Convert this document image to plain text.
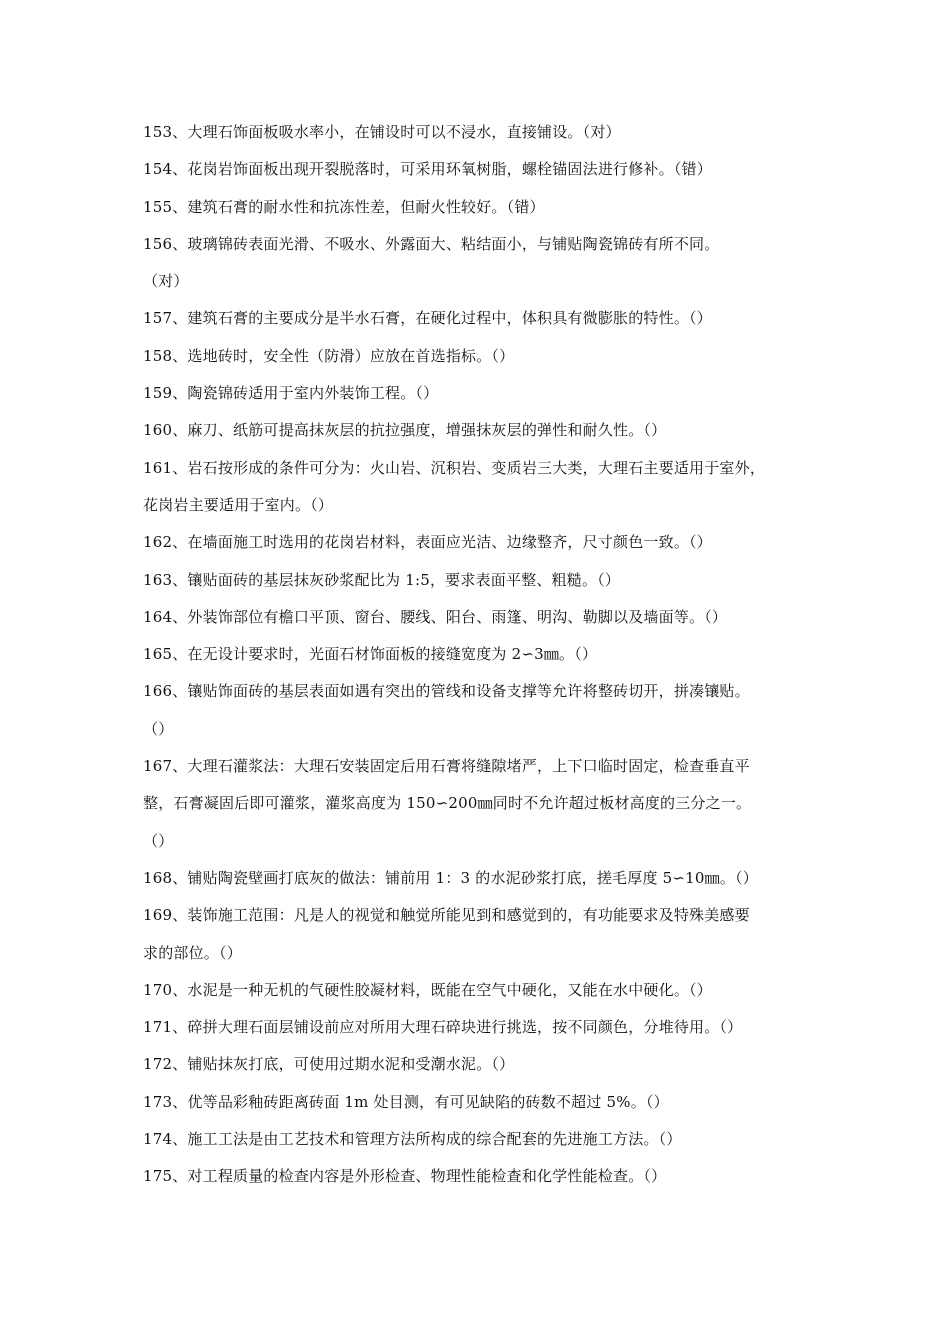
153、大理石饰面板吸水率小，在铺设时可以不浸水，直接铺设。（对）
154、花岗岩饰面板出现开裂脱落时，可采用环氧树脂，螺栓锚固法进行修补。（错）
155、建筑石膏的耐水性和抗冻性差，但耐火性较好。（错）
156、玻璃锦砖表面光滑、不吸水、外露面大、粘结面小，与铺贴陶瓷锦砖有所不同。
（对）
157、建筑石膏的主要成分是半水石膏，在硬化过程中，体积具有微膨胀的特性。（）
158、选地砖时，安全性（防滑）应放在首选指标。（）
159、陶瓷锦砖适用于室内外装饰工程。（）
160、麻刀、纸筋可提高抹灰层的抗拉强度，增强抹灰层的弹性和耐久性。（）
161、岩石按形成的条件可分为：火山岩、沉积岩、变质岩三大类，大理石主要适用于室外，
花岗岩主要适用于室内。（）
162、在墙面施工时选用的花岗岩材料，表面应光洁、边缘整齐，尺寸颜色一致。（）
163、镶贴面砖的基层抹灰砂浆配比为 1:5，要求表面平整、粗糙。（）
164、外装饰部位有檐口平顶、窗台、腰线、阳台、雨篷、明沟、勒脚以及墙面等。（）
165、在无设计要求时，光面石材饰面板的接缝宽度为 2∽3㎜。（）
166、镶贴饰面砖的基层表面如遇有突出的管线和设备支撑等允许将整砖切开，拼凑镶贴。
（）
167、大理石灌浆法：大理石安装固定后用石膏将缝隙堵严，上下口临时固定，检查垂直平
整，石膏凝固后即可灌浆，灌浆高度为 150∽200㎜同时不允许超过板材高度的三分之一。
（）
168、铺贴陶瓷壁画打底灰的做法：铺前用 1：3 的水泥砂浆打底，搓毛厚度 5∽10㎜。（）
169、装饰施工范围：凡是人的视觉和触觉所能见到和感觉到的，有功能要求及特殊美感要
求的部位。（）
170、水泥是一种无机的气硬性胶凝材料，既能在空气中硬化，又能在水中硬化。（）
171、碎拼大理石面层铺设前应对所用大理石碎块进行挑选，按不同颜色，分堆待用。（）
172、铺贴抹灰打底，可使用过期水泥和受潮水泥。（）
173、优等品彩釉砖距离砖面 1m 处目测，有可见缺陷的砖数不超过 5%。（）
174、施工工法是由工艺技术和管理方法所构成的综合配套的先进施工方法。（）
175、对工程质量的检查内容是外形检查、物理性能检查和化学性能检查。（）
